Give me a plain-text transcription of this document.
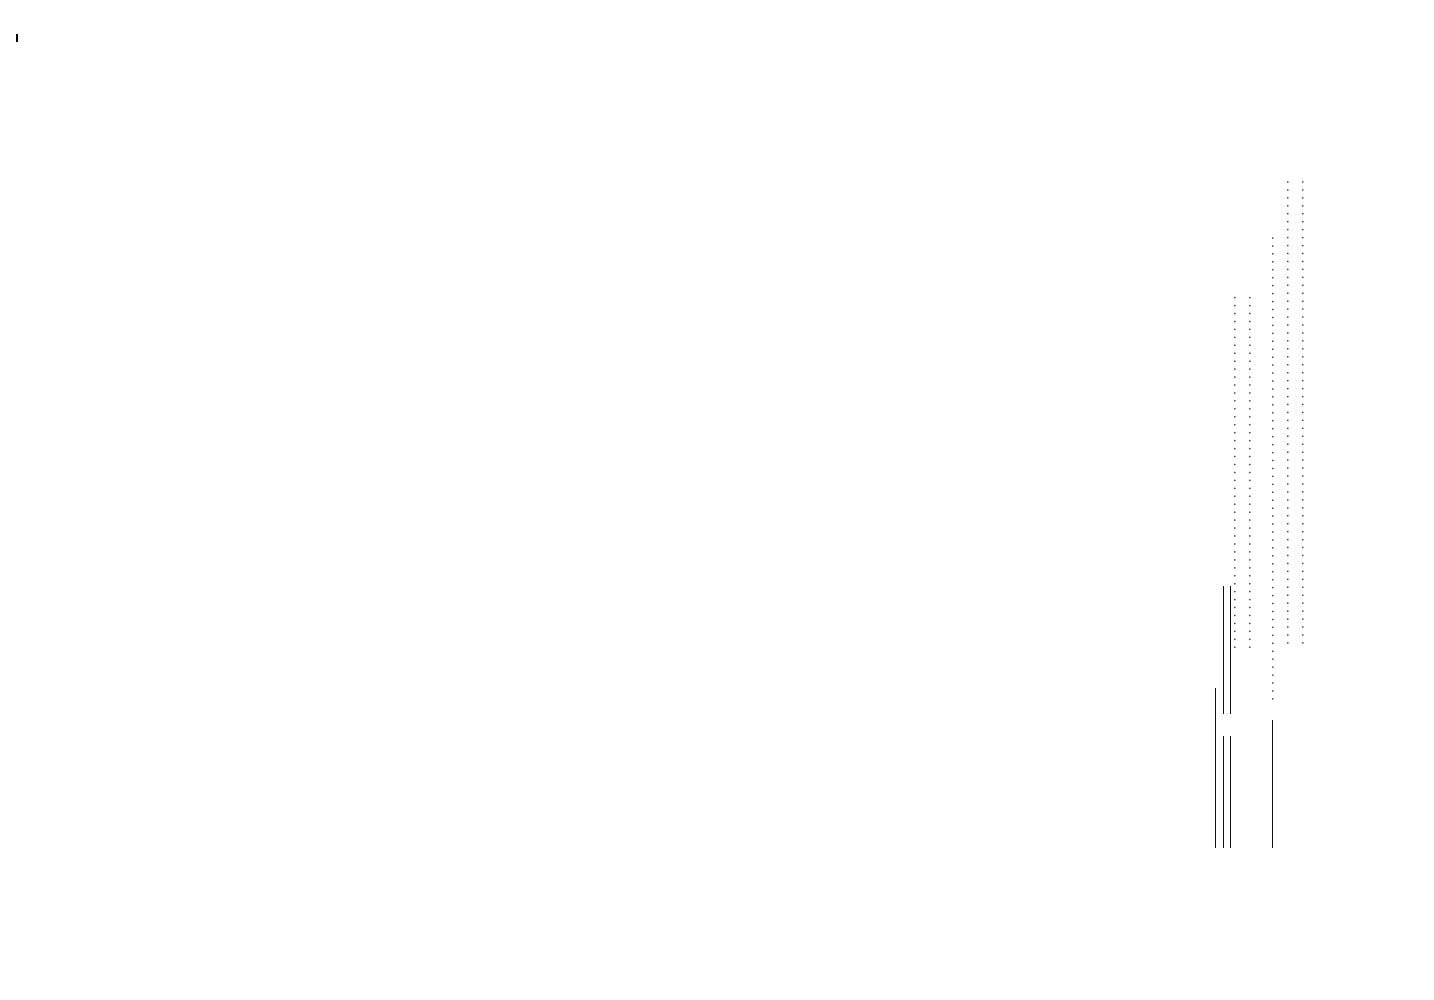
. . .
. . .
. . .

. . .
. . .
